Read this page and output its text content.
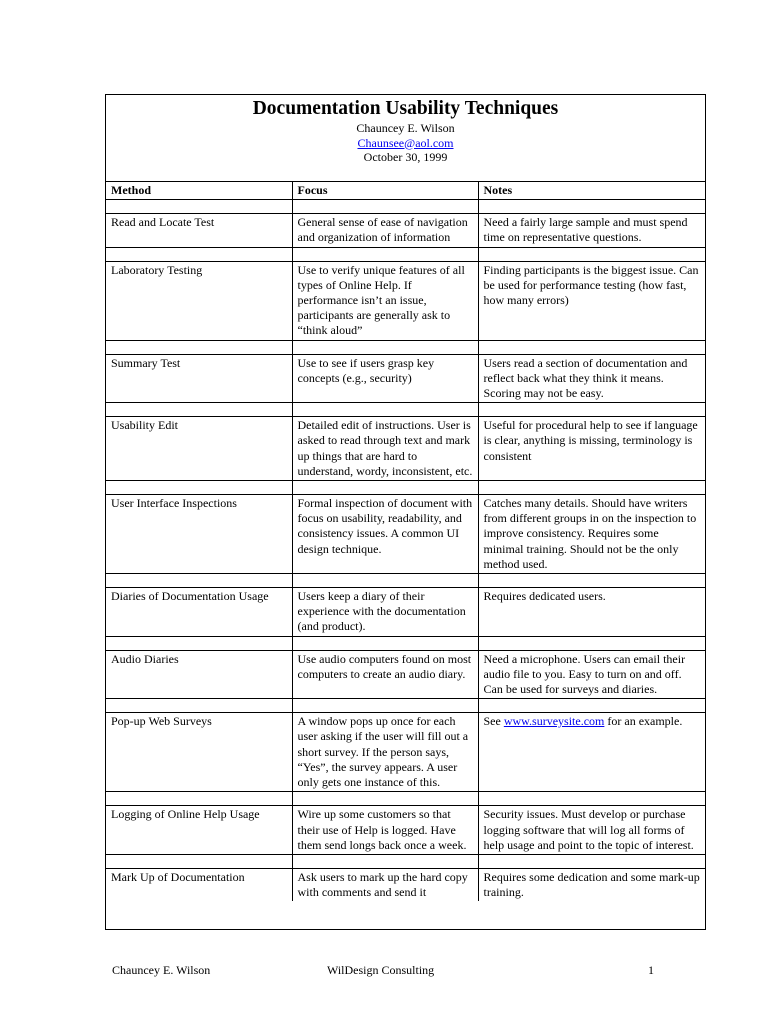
Documentation Usability Techniques
Chauncey E. Wilson
Chaunsee@aol.com
October 30, 1999
Method	Focus	Notes

Read and Locate Test	General sense of ease of navigation and organization of information	Need a fairly large sample and must spend time on representative questions.

Laboratory Testing	Use to verify unique features of all types of Online Help. If performance isn’t an issue, participants are generally ask to “think aloud”	Finding participants is the biggest issue. Can be used for performance testing (how fast, how many errors)

Summary Test	Use to see if users grasp key concepts (e.g., security)	Users read a section of documentation and reflect back what they think it means. Scoring may not be easy.

Usability Edit	Detailed edit of instructions. User is asked to read through text and mark up things that are hard to understand, wordy, inconsistent, etc.	Useful for procedural help to see if language is clear, anything is missing, terminology is consistent

User Interface Inspections	Formal inspection of document with focus on usability, readability, and consistency issues. A common UI design technique.	Catches many details. Should have writers from different groups in on the inspection to improve consistency. Requires some minimal training. Should not be the only method used.

Diaries of Documentation Usage	Users keep a diary of their experience with the documentation (and product).	Requires dedicated users.

Audio Diaries	Use audio computers found on most computers to create an audio diary.	Need a microphone. Users can email their audio file to you. Easy to turn on and off. Can be used for surveys and diaries.

Pop-up Web Surveys	A window pops up once for each user asking if the user will fill out a short survey. If the person says, “Yes”, the survey appears. A user only gets one instance of this.	See www.surveysite.com for an example.

Logging of Online Help Usage	Wire up some customers so that their use of Help is logged. Have them send longs back once a week.	Security issues. Must develop or purchase logging software that will log all forms of help usage and point to the topic of interest.

Mark Up of Documentation	Ask users to mark up the hard copy with comments and send it	Requires some dedication and some mark-up training.
Chauncey E. Wilson	WilDesign Consulting	1
